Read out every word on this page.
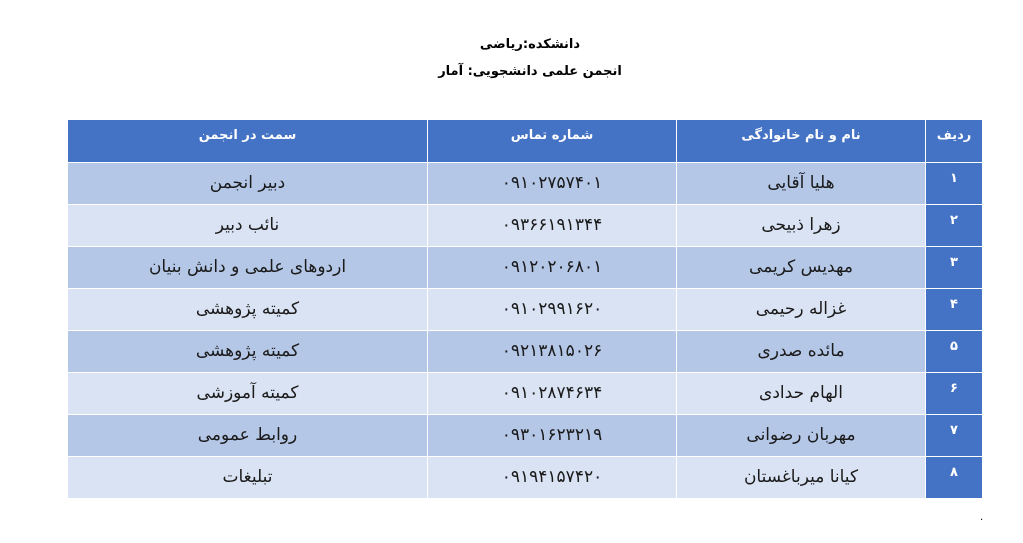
دانشکده:ریاضی
انجمن علمی دانشجویی: آمار
ردیف	نام و نام خانوادگی	شماره تماس	سمت در انجمن
۱	هلیا آقایی	۰۹۱۰۲۷۵۷۴۰۱	دبیر انجمن
۲	زهرا ذبیحی	۰۹۳۶۶۱۹۱۳۴۴	نائب دبیر
۳	مهدیس کریمی	۰۹۱۲۰۲۰۶۸۰۱	اردوهای علمی و دانش بنیان
۴	غزاله رحیمی	۰۹۱۰۲۹۹۱۶۲۰	کمیته پژوهشی
۵	مائده صدری	۰۹۲۱۳۸۱۵۰۲۶	کمیته پژوهشی
۶	الهام حدادی	۰۹۱۰۲۸۷۴۶۳۴	کمیته آموزشی
۷	مهربان رضوانی	۰۹۳۰۱۶۲۳۲۱۹	روابط عمومی
۸	کیانا میرباغستان	۰۹۱۹۴۱۵۷۴۲۰	تبلیغات
.
